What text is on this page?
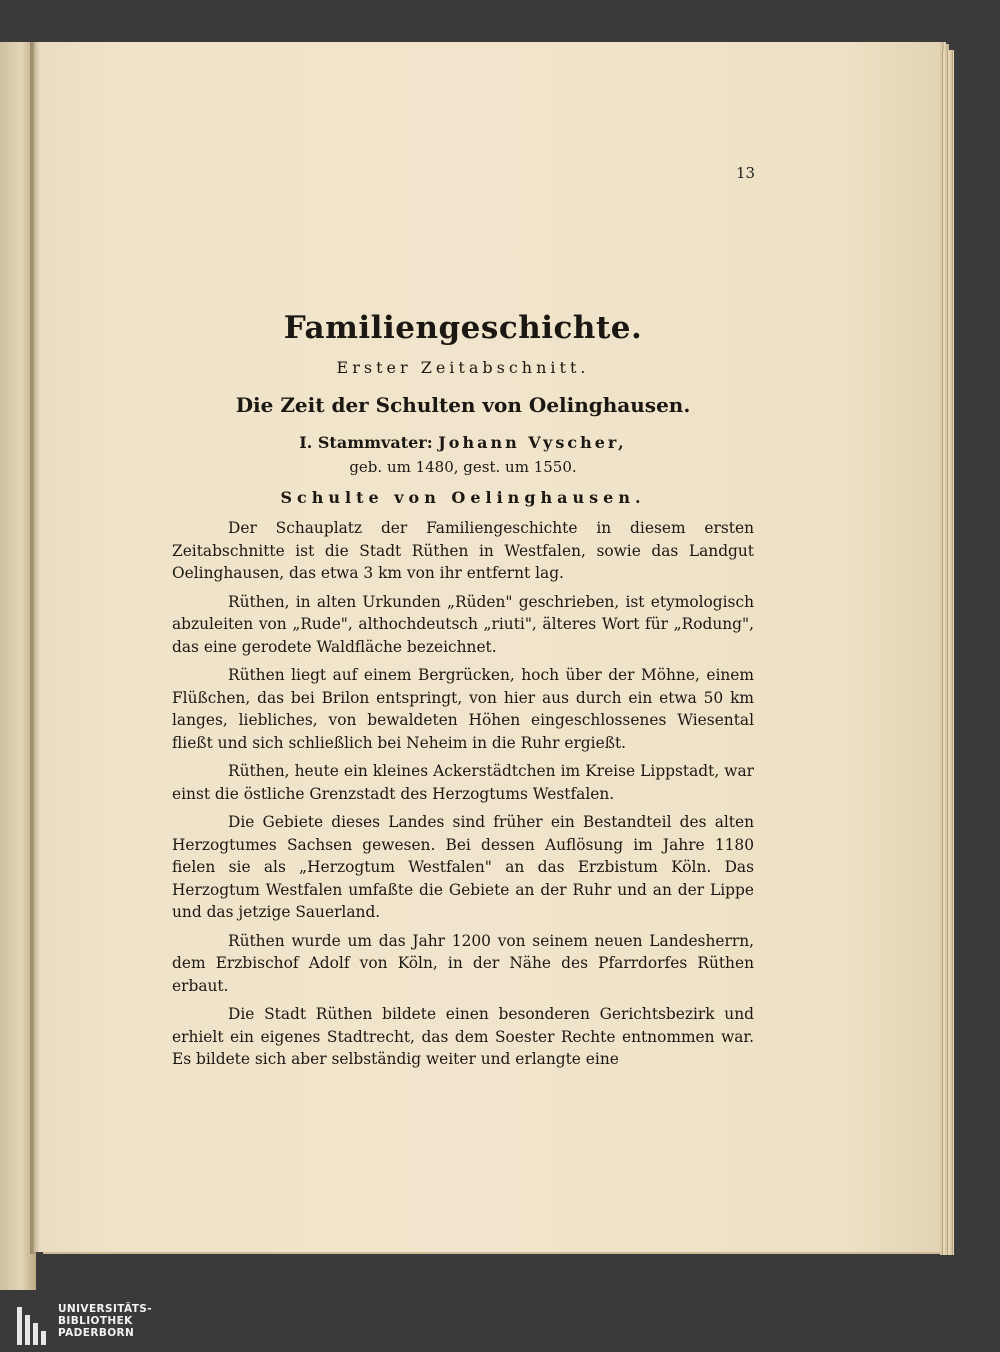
13
Familiengeschichte.
Erster Zeitabschnitt.
Die Zeit der Schulten von Oelinghausen.
I. Stammvater: Johann Vyscher,
geb. um 1480, gest. um 1550.
Schulte von Oelinghausen.

Der Schauplatz der Familiengeschichte in diesem ersten Zeitabschnitte ist die Stadt Rüthen in Westfalen, sowie das Landgut Oelinghausen, das etwa 3 km von ihr entfernt lag.

Rüthen, in alten Urkunden „Rüden" geschrieben, ist etymologisch abzuleiten von „Rude", althochdeutsch „riuti", älteres Wort für „Rodung", das eine gerodete Waldfläche bezeichnet.

Rüthen liegt auf einem Bergrücken, hoch über der Möhne, einem Flüßchen, das bei Brilon entspringt, von hier aus durch ein etwa 50 km langes, liebliches, von bewaldeten Höhen eingeschlossenes Wiesental fließt und sich schließlich bei Neheim in die Ruhr ergießt.

Rüthen, heute ein kleines Ackerstädtchen im Kreise Lippstadt, war einst die östliche Grenzstadt des Herzogtums Westfalen.

Die Gebiete dieses Landes sind früher ein Bestandteil des alten Herzogtumes Sachsen gewesen. Bei dessen Auflösung im Jahre 1180 fielen sie als „Herzogtum Westfalen" an das Erzbistum Köln. Das Herzogtum Westfalen umfaßte die Gebiete an der Ruhr und an der Lippe und das jetzige Sauerland.

Rüthen wurde um das Jahr 1200 von seinem neuen Landesherrn, dem Erzbischof Adolf von Köln, in der Nähe des Pfarrdorfes Rüthen erbaut.

Die Stadt Rüthen bildete einen besonderen Gerichtsbezirk und erhielt ein eigenes Stadtrecht, das dem Soester Rechte entnommen war. Es bildete sich aber selbständig weiter und erlangte eine

UNIVERSITÄTS-
BIBLIOTHEK
PADERBORN
